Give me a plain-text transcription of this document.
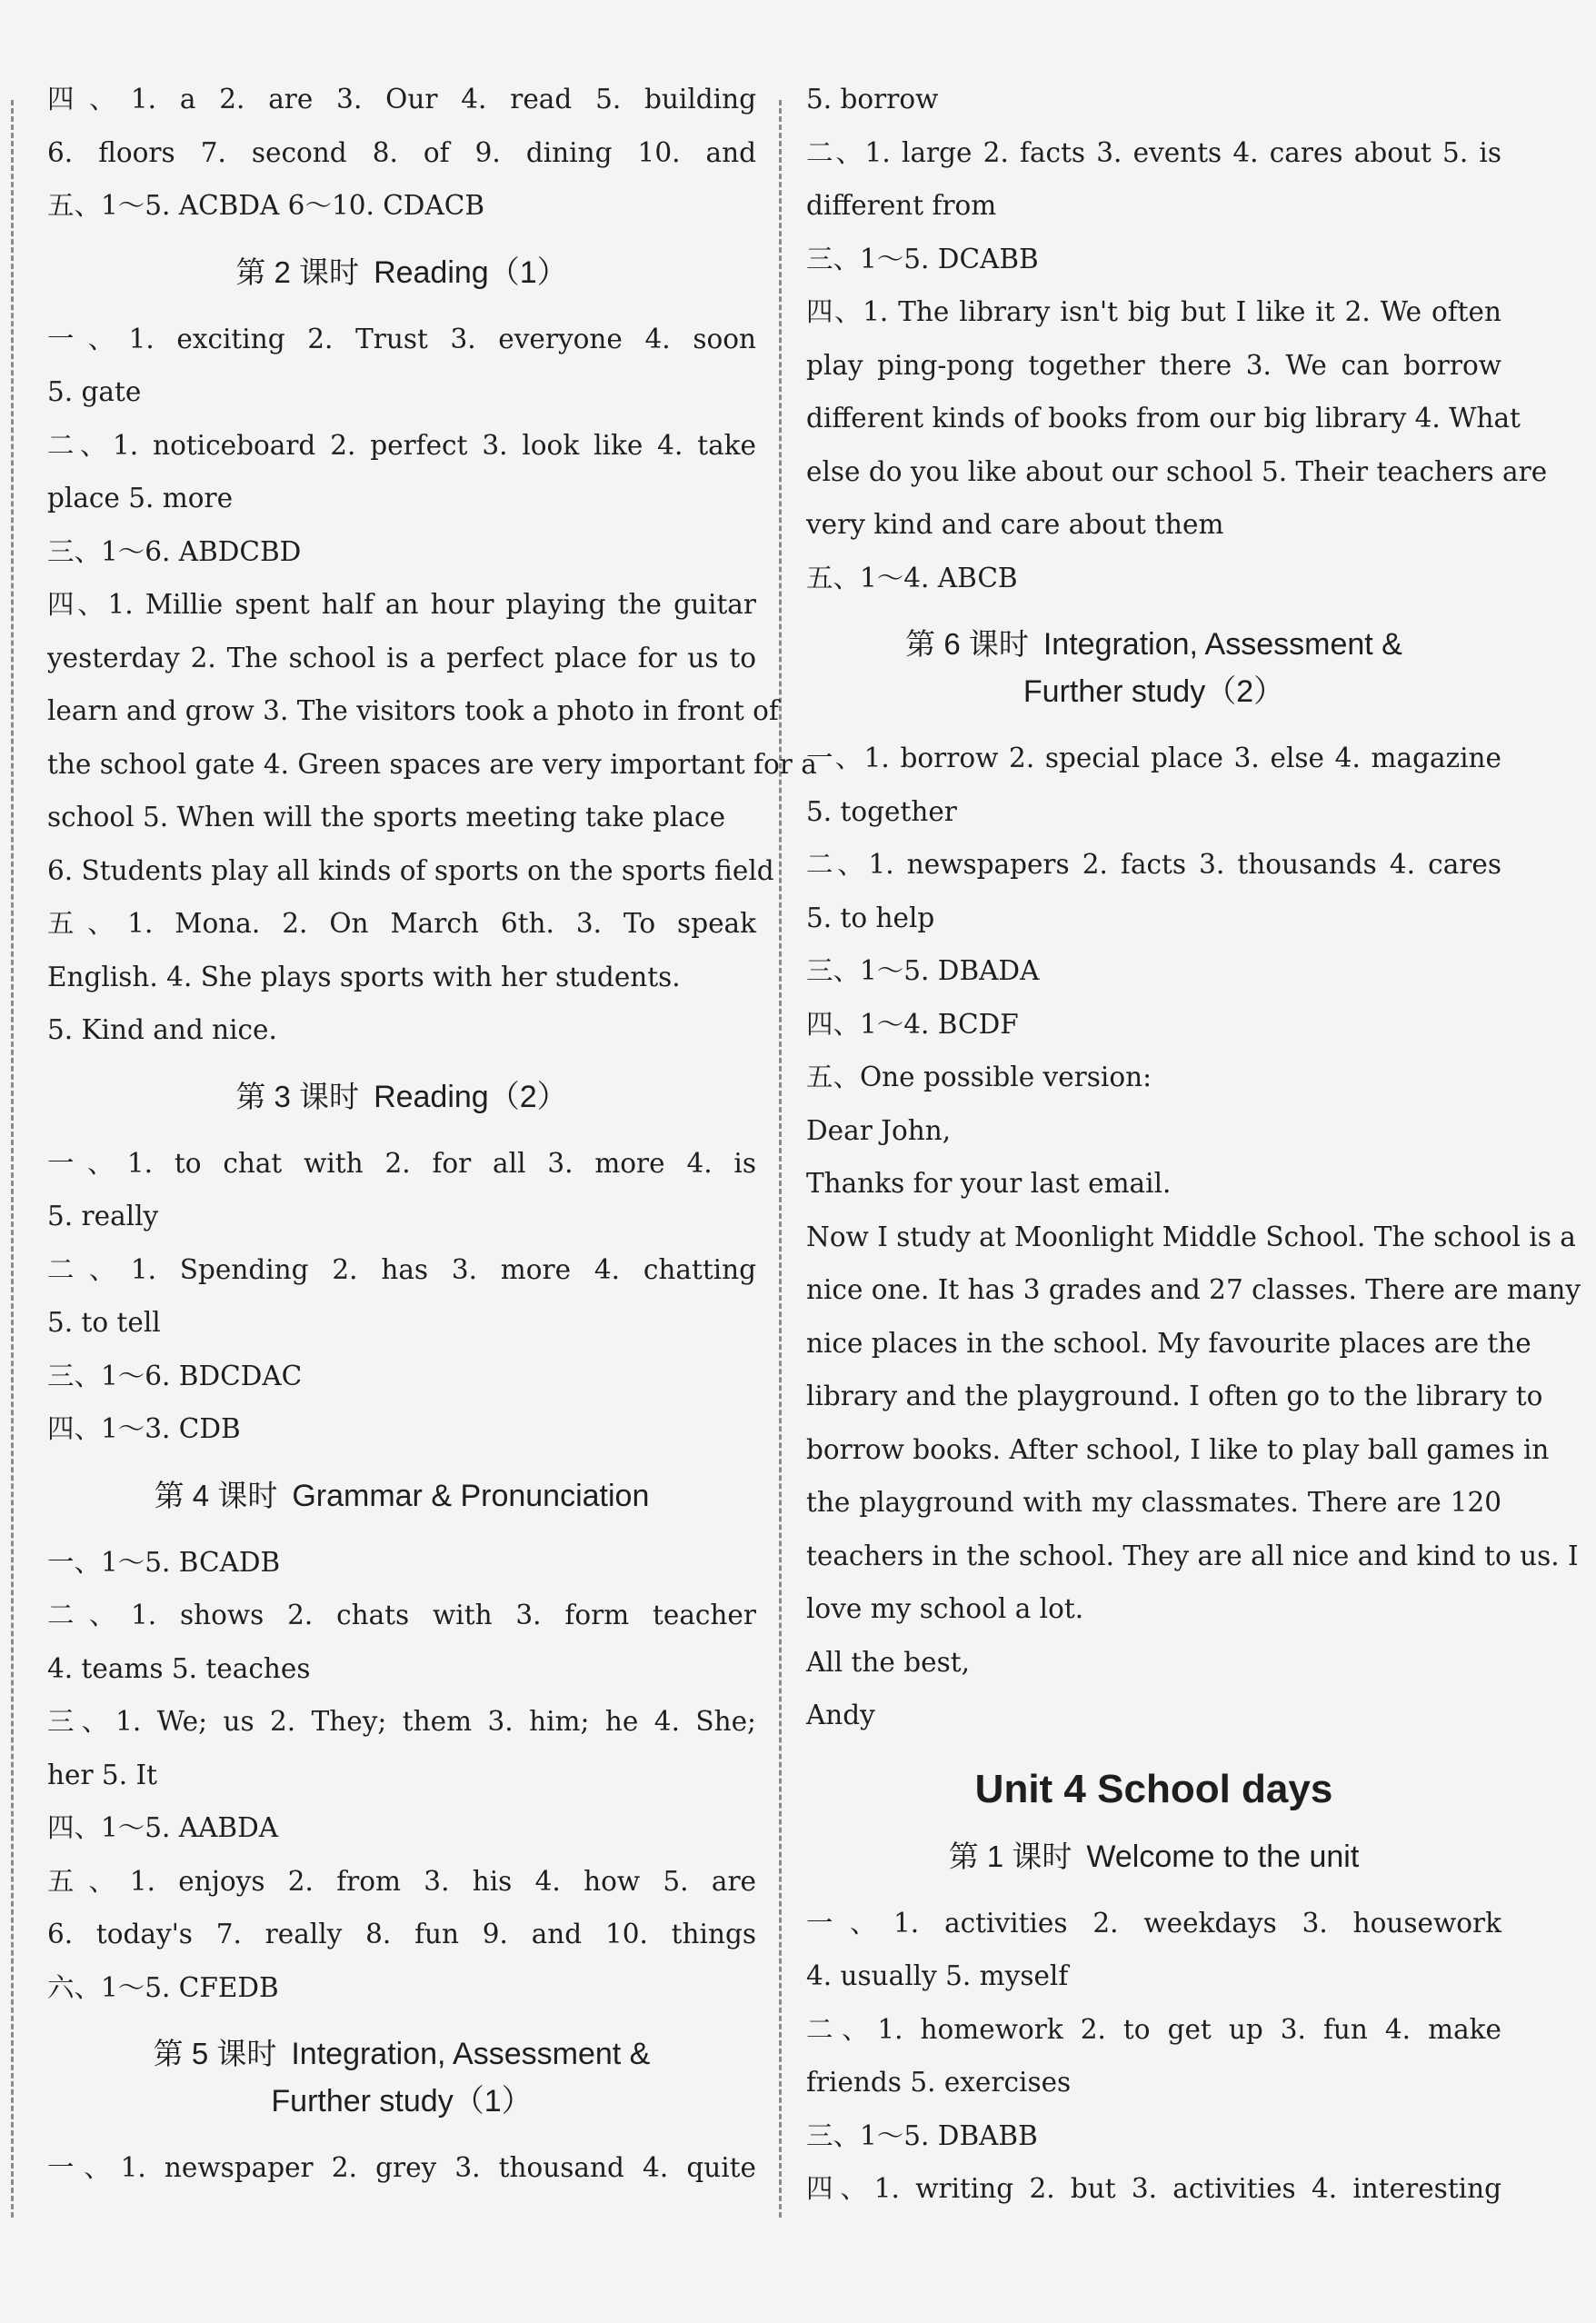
四、1. a 2. are 3. Our 4. read 5. building
6. floors 7. second 8. of 9. dining 10. and
五、1～5. ACBDA 6～10. CDACB
第 2 课时 Reading（1）
一、1. exciting 2. Trust 3. everyone 4. soon
5. gate
二、1. noticeboard 2. perfect 3. look like 4. take
place 5. more
三、1～6. ABDCBD
四、1. Millie spent half an hour playing the guitar
yesterday 2. The school is a perfect place for us to
learn and grow 3. The visitors took a photo in front of
the school gate 4. Green spaces are very important for a
school 5. When will the sports meeting take place
6. Students play all kinds of sports on the sports field
五、1. Mona. 2. On March 6th. 3. To speak
English. 4. She plays sports with her students.
5. Kind and nice.
第 3 课时 Reading（2）
一、1. to chat with 2. for all 3. more 4. is
5. really
二、1. Spending 2. has 3. more 4. chatting
5. to tell
三、1～6. BDCDAC
四、1～3. CDB
第 4 课时 Grammar & Pronunciation
一、1～5. BCADB
二、1. shows 2. chats with 3. form teacher
4. teams 5. teaches
三、1. We; us 2. They; them 3. him; he 4. She;
her 5. It
四、1～5. AABDA
五、1. enjoys 2. from 3. his 4. how 5. are
6. today's 7. really 8. fun 9. and 10. things
六、1～5. CFEDB
第 5 课时 Integration, Assessment &
Further study（1）
一、1. newspaper 2. grey 3. thousand 4. quite
5. borrow
二、1. large 2. facts 3. events 4. cares about 5. is
different from
三、1～5. DCABB
四、1. The library isn't big but I like it 2. We often
play ping-pong together there 3. We can borrow
different kinds of books from our big library 4. What
else do you like about our school 5. Their teachers are
very kind and care about them
五、1～4. ABCB
第 6 课时 Integration, Assessment &
Further study（2）
一、1. borrow 2. special place 3. else 4. magazine
5. together
二、1. newspapers 2. facts 3. thousands 4. cares
5. to help
三、1～5. DBADA
四、1～4. BCDF
五、One possible version:
Dear John,
Thanks for your last email.
Now I study at Moonlight Middle School. The school is a
nice one. It has 3 grades and 27 classes. There are many
nice places in the school. My favourite places are the
library and the playground. I often go to the library to
borrow books. After school, I like to play ball games in
the playground with my classmates. There are 120
teachers in the school. They are all nice and kind to us. I
love my school a lot.
All the best,
Andy
Unit 4 School days
第 1 课时 Welcome to the unit
一、1. activities 2. weekdays 3. housework
4. usually 5. myself
二、1. homework 2. to get up 3. fun 4. make
friends 5. exercises
三、1～5. DBABB
四、1. writing 2. but 3. activities 4. interesting
